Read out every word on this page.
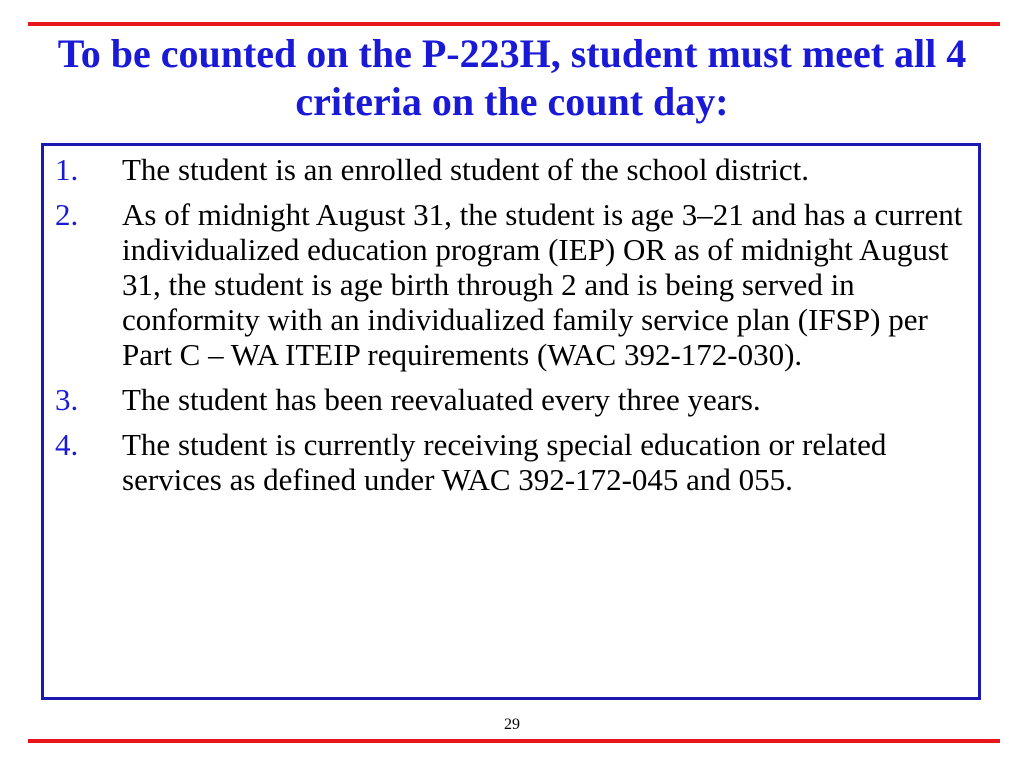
To be counted on the P-223H, student must meet all 4 criteria on the count day:
1. The student is an enrolled student of the school district.
2. As of midnight August 31, the student is age 3–21 and has a current individualized education program (IEP) OR as of midnight August 31, the student is age birth through 2 and is being served in conformity with an individualized family service plan (IFSP) per Part C – WA ITEIP requirements (WAC 392-172-030).
3. The student has been reevaluated every three years.
4. The student is currently receiving special education or related services as defined under WAC 392-172-045 and 055.
29
